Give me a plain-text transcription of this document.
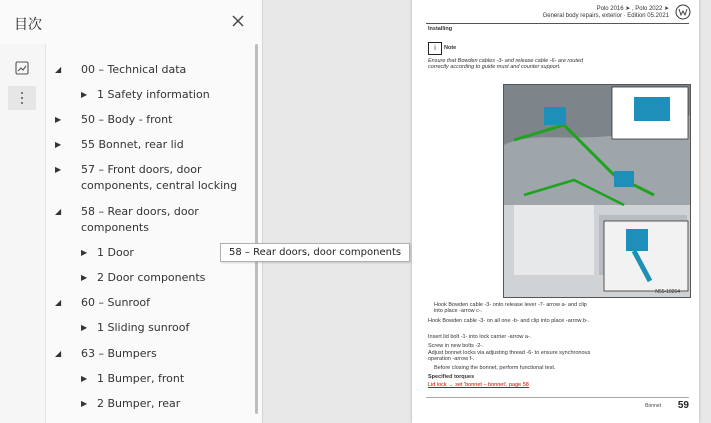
目次
◢	00 – Technical data
▶ 1 Safety information
▶	50 – Body - front
▶	55 Bonnet, rear lid
▶	57 – Front doors, door components, central locking
◢	58 – Rear doors, door components
▶ 1 Door
▶ 2 Door components
◢	60 – Sunroof
▶ 1 Sliding sunroof
◢	63 – Bumpers
▶ 1 Bumper, front
▶ 2 Bumper, rear
58 – Rear doors, door components
Polo 2016 ➤ , Polo 2022 ➤
General body repairs, exterior · Edition 05.2021
Installing
i	Note
Ensure that Bowden cables -3- and release cable -6- are routed correctly according to guide must and counter support.
N55-10264
Hook Bowden cable -3- onto release lever -7- arrow a- and clip into place -arrow c-.
Hook Bowden cable -3- on all one -b- and clip into place -arrow b-.
Insert lid bolt -1- into lock carrier -arrow a-.
Screw in new bolts -2-.
Adjust bonnet locks via adjusting thread -6- to ensure synchronous operation -arrow f-.
Before closing the bonnet, perform functional test.
Specified torques
Lid lock → set 'bonnet – bonnet', page 58
Bonnet 59
